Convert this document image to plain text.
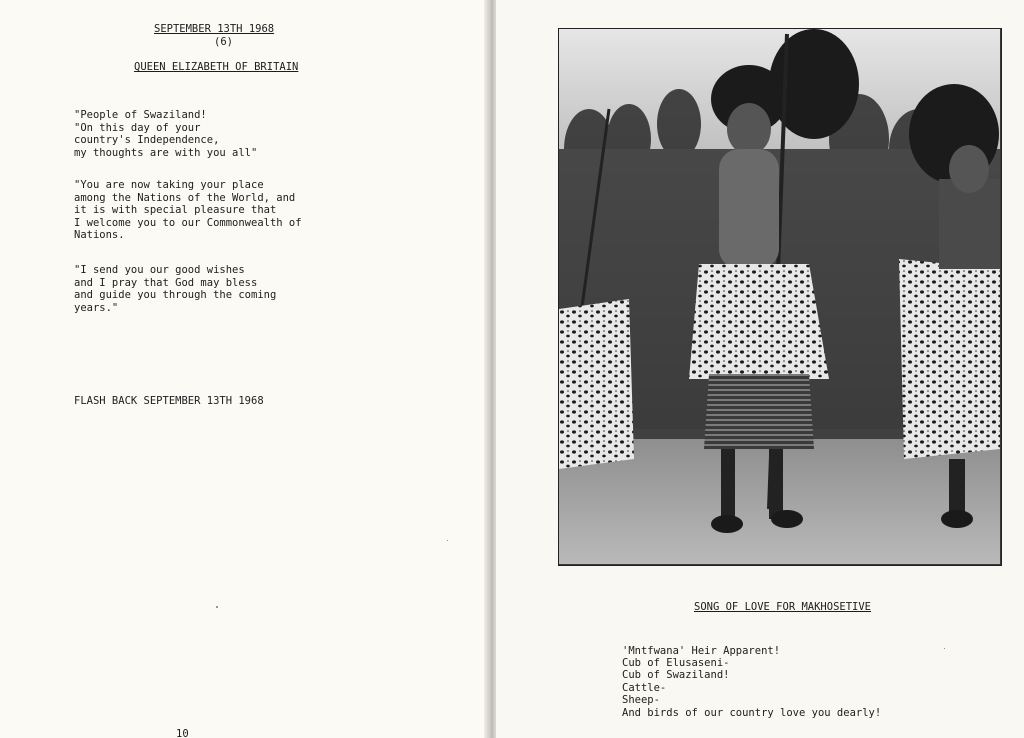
SEPTEMBER 13TH 1968
(6)
QUEEN ELIZABETH OF BRITAIN
"People of Swaziland!
"On this day of your
country's Independence,
my thoughts are with you all"
"You are now taking your place
among the Nations of the World, and
it is with special pleasure that
I welcome you to our Commonwealth of
Nations.
"I send you our good wishes
and I pray that God may bless
and guide you through the coming
years."
FLASH BACK SEPTEMBER 13TH 1968
10
SONG OF LOVE FOR MAKHOSETIVE
'Mntfwana' Heir Apparent!
Cub of Elusaseni-
Cub of Swaziland!
Cattle-
Sheep-
And birds of our country love you dearly!
